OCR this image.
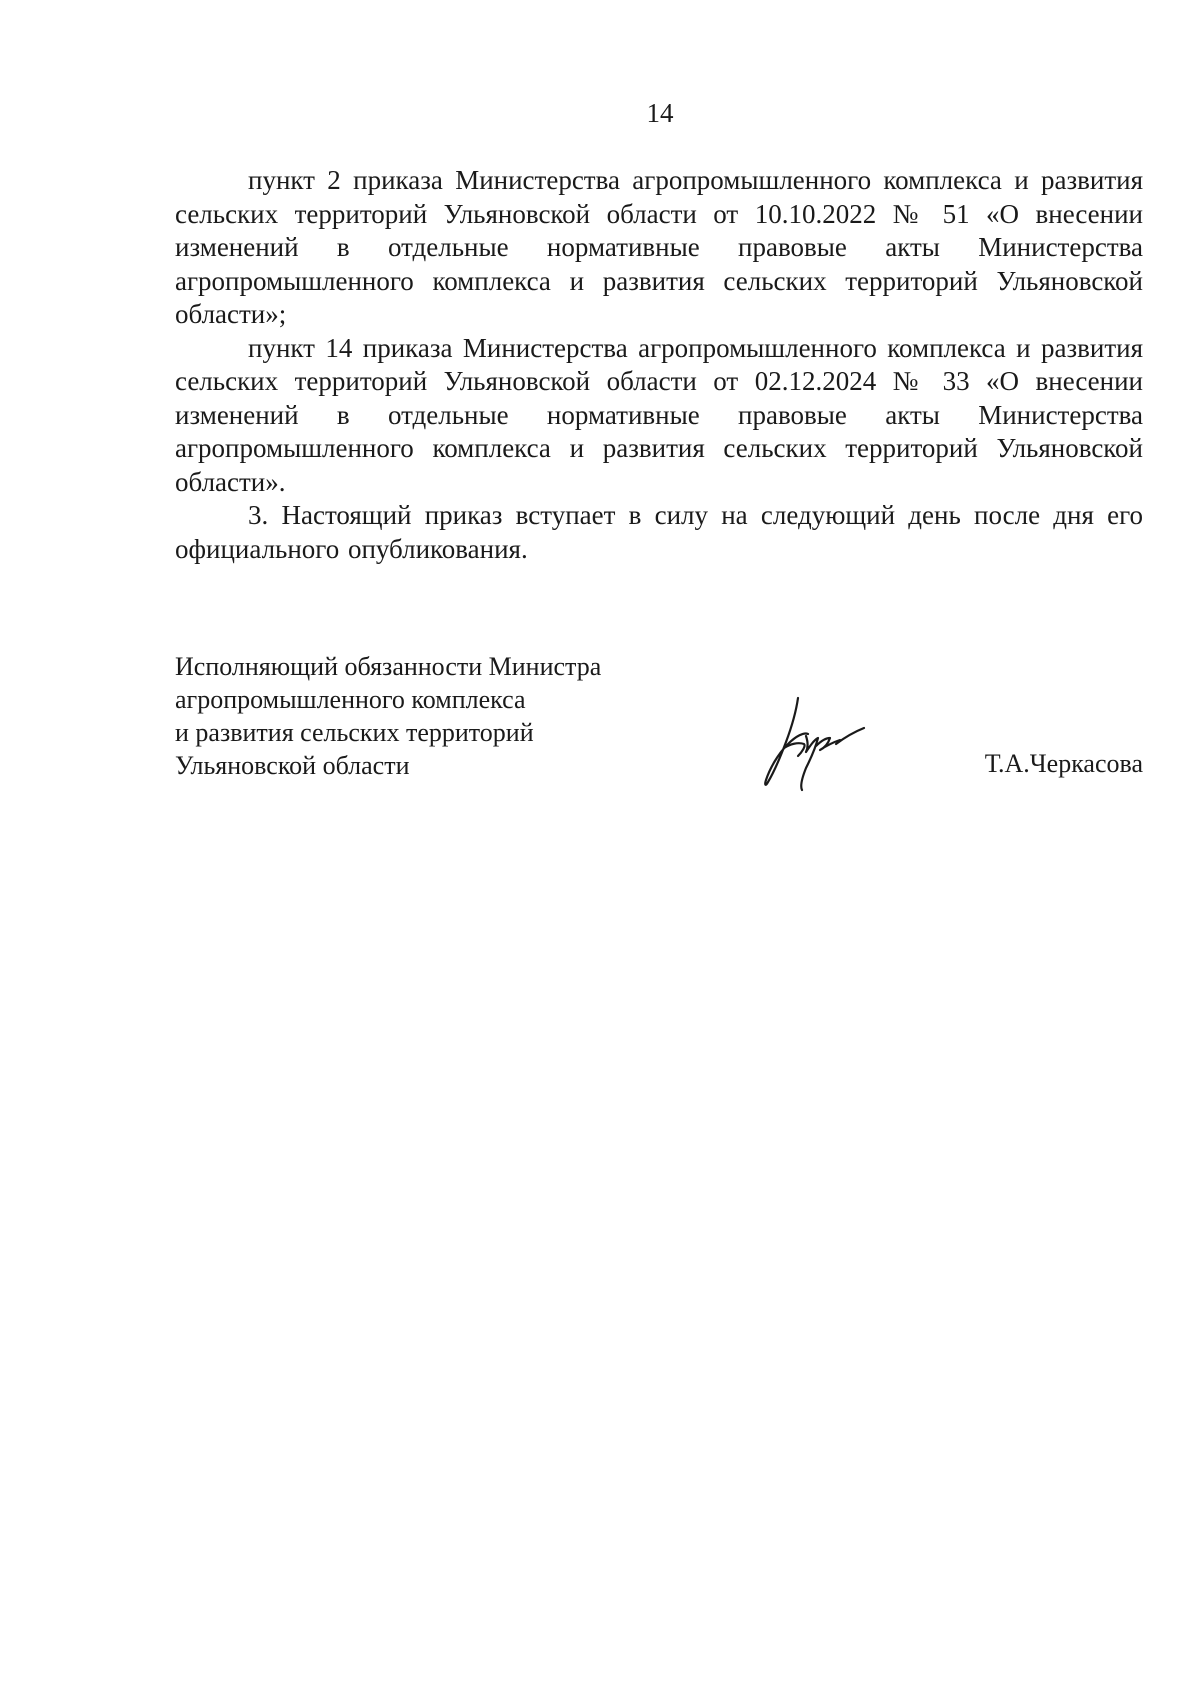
14

пункт 2 приказа Министерства агропромышленного комплекса и развития сельских территорий Ульяновской области от 10.10.2022 № 51 «О внесении изменений в отдельные нормативные правовые акты Министерства агропромышленного комплекса и развития сельских территорий Ульяновской области»;

пункт 14 приказа Министерства агропромышленного комплекса и развития сельских территорий Ульяновской области от 02.12.2024 № 33 «О внесении изменений в отдельные нормативные правовые акты Министерства агропромышленного комплекса и развития сельских территорий Ульяновской области».

3. Настоящий приказ вступает в силу на следующий день после дня его официального опубликования.

Исполняющий обязанности Министра
агропромышленного комплекса
и развития сельских территорий
Ульяновской области	Т.А.Черкасова
